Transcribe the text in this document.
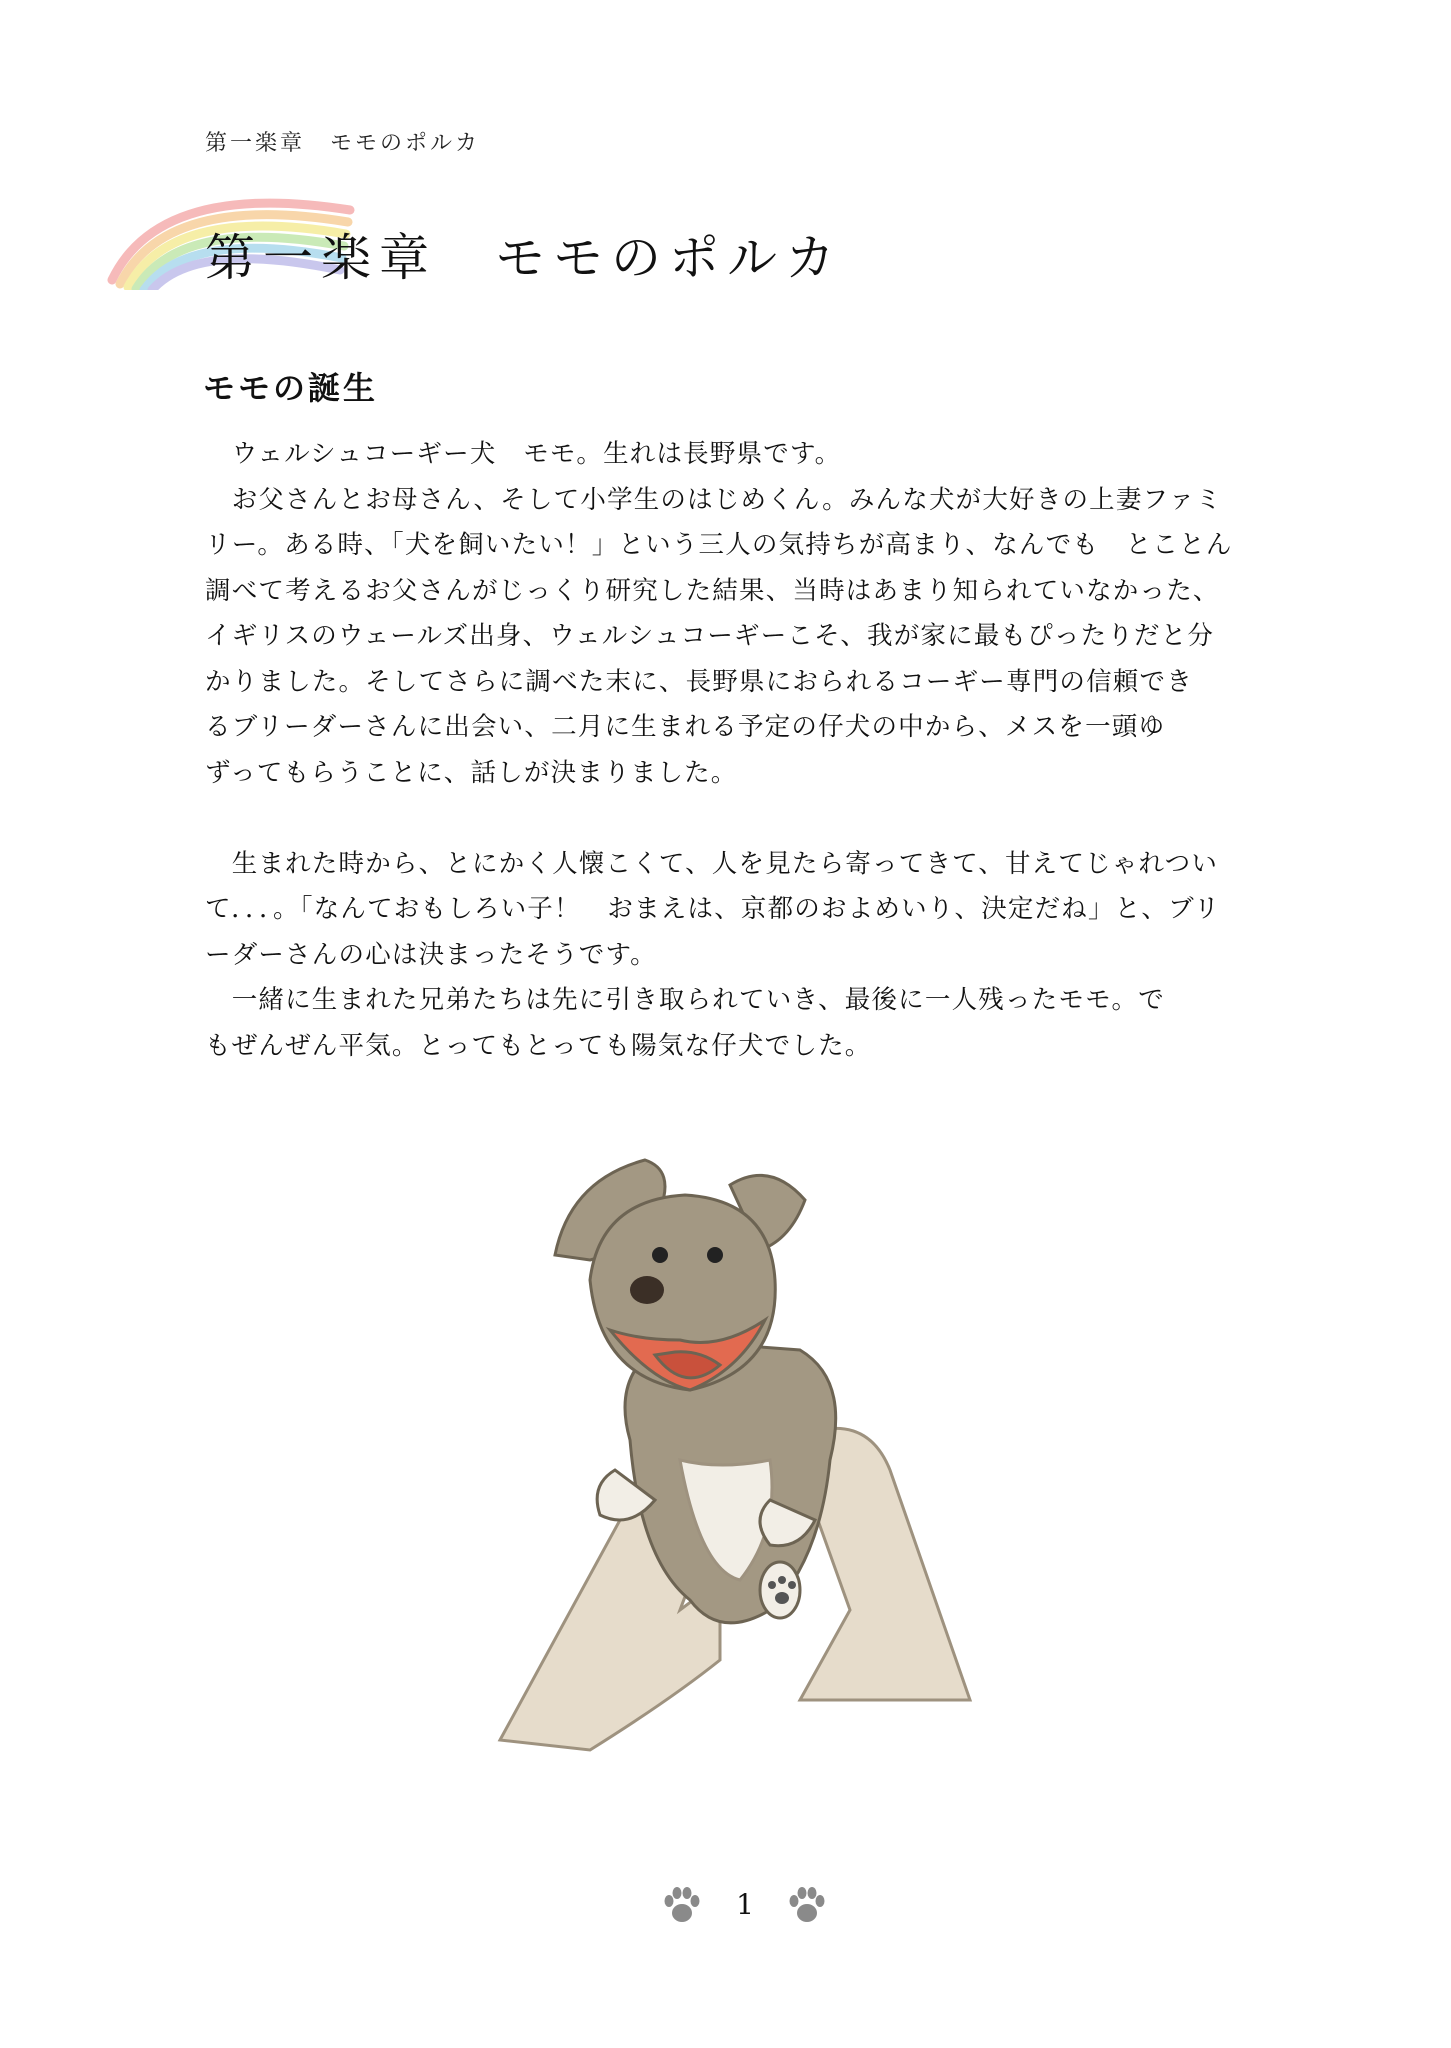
第一楽章　モモのポルカ
第一楽章　モモのポルカ
モモの誕生

　ウェルシュコーギー犬　モモ。生れは長野県です。

　お父さんとお母さん、そして小学生のはじめくん。みんな犬が大好きの上妻ファミ

リー。ある時、「犬を飼いたい！」という三人の気持ちが高まり、なんでも　とことん

調べて考えるお父さんがじっくり研究した結果、当時はあまり知られていなかった、

イギリスのウェールズ出身、ウェルシュコーギーこそ、我が家に最もぴったりだと分

かりました。そしてさらに調べた末に、長野県におられるコーギー専門の信頼でき

るブリーダーさんに出会い、二月に生まれる予定の仔犬の中から、メスを一頭ゆ

ずってもらうことに、話しが決まりました。

　生まれた時から、とにかく人懐こくて、人を見たら寄ってきて、甘えてじゃれつい

て．．．。「なんておもしろい子！　おまえは、京都のおよめいり、決定だね」と、ブリ

ーダーさんの心は決まったそうです。

　一緒に生まれた兄弟たちは先に引き取られていき、最後に一人残ったモモ。で

もぜんぜん平気。とってもとっても陽気な仔犬でした。

1
